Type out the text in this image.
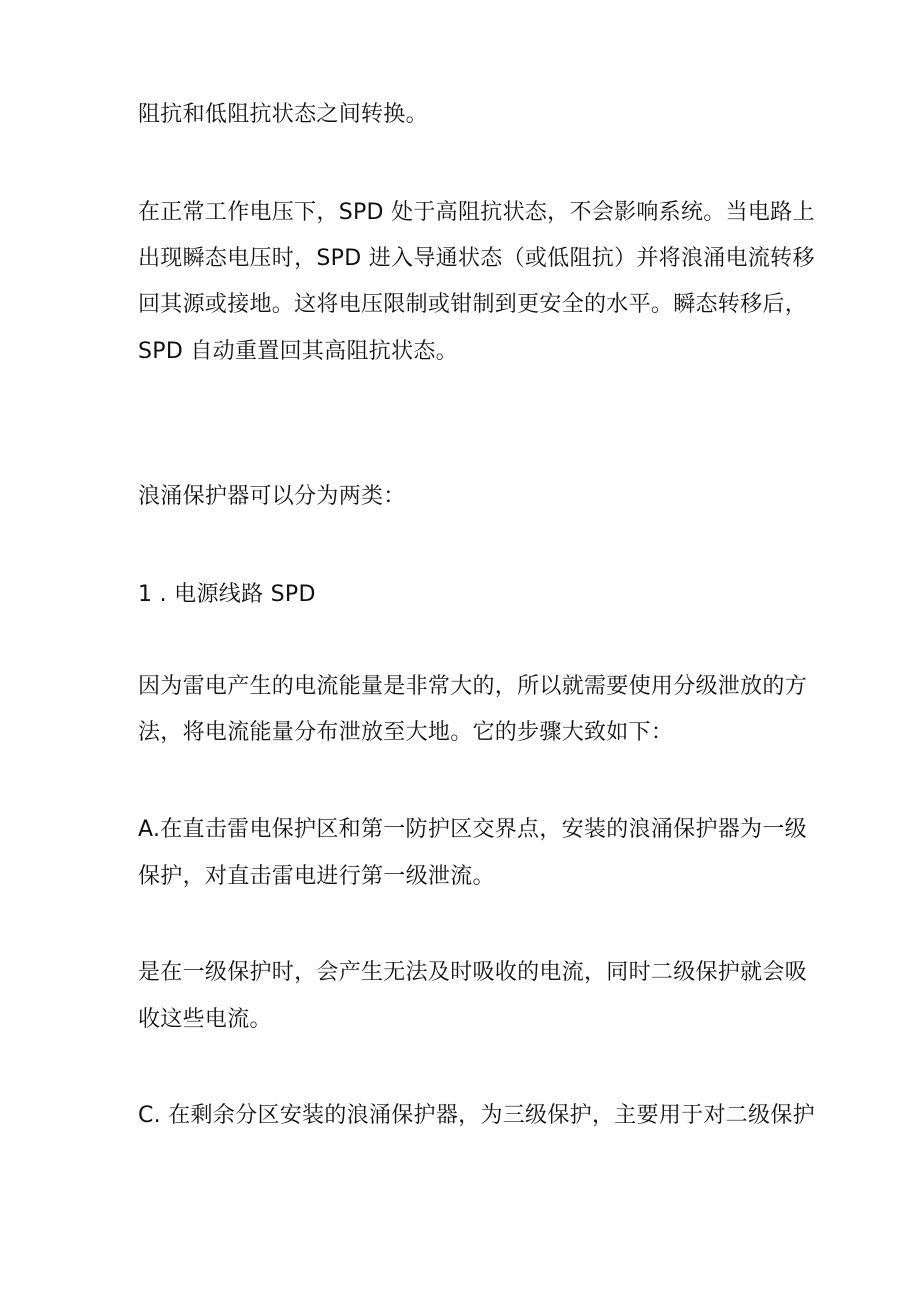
阻抗和低阻抗状态之间转换。
在正常工作电压下，SPD 处于高阻抗状态，不会影响系统。当电路上
出现瞬态电压时，SPD 进入导通状态（或低阻抗）并将浪涌电流转移
回其源或接地。这将电压限制或钳制到更安全的水平。瞬态转移后，
SPD 自动重置回其高阻抗状态。
浪涌保护器可以分为两类：
1 . 电源线路 SPD
因为雷电产生的电流能量是非常大的，所以就需要使用分级泄放的方
法，将电流能量分布泄放至大地。它的步骤大致如下：
A.在直击雷电保护区和第一防护区交界点，安装的浪涌保护器为一级
保护，对直击雷电进行第一级泄流。
是在一级保护时，会产生无法及时吸收的电流，同时二级保护就会吸
收这些电流。
C. 在剩余分区安装的浪涌保护器，为三级保护，主要用于对二级保护
